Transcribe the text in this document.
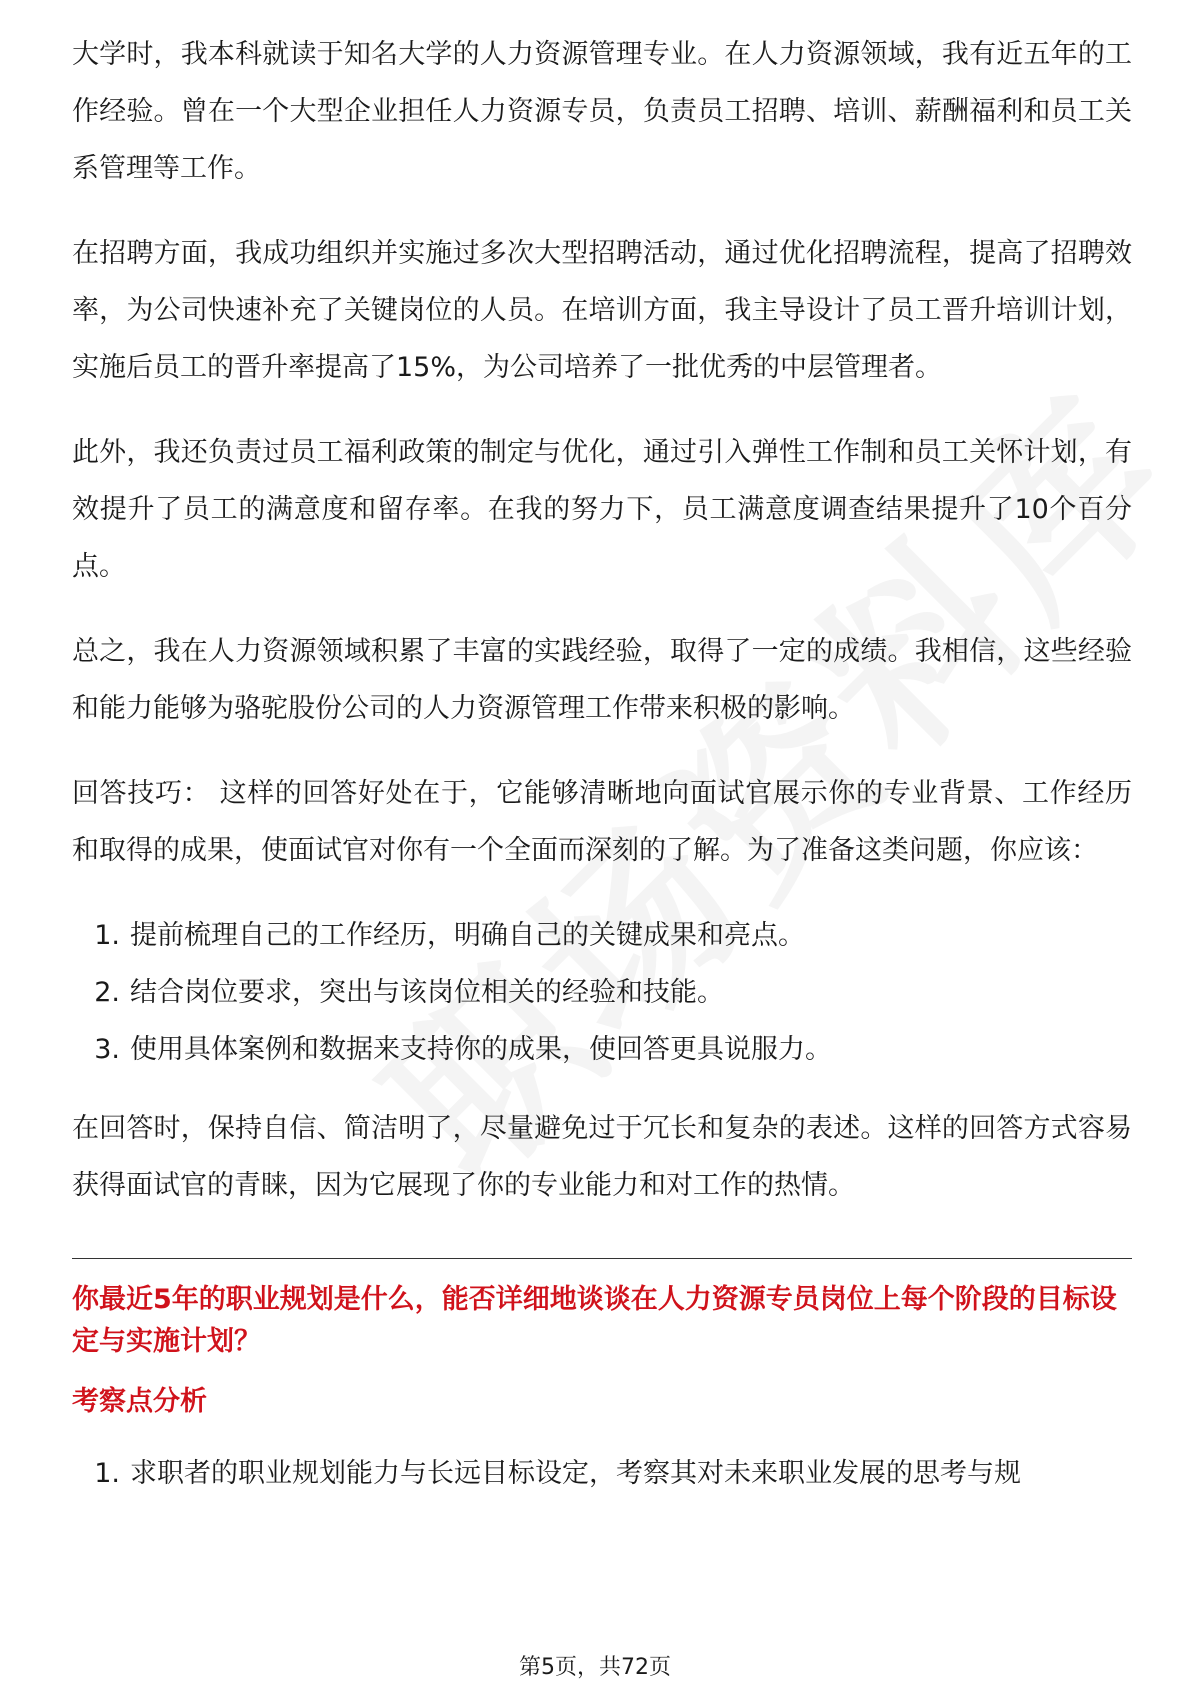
大学时，我本科就读于知名大学的人力资源管理专业。在人力资源领域，我有近五年的工作经验。曾在一个大型企业担任人力资源专员，负责员工招聘、培训、薪酬福利和员工关系管理等工作。

在招聘方面，我成功组织并实施过多次大型招聘活动，通过优化招聘流程，提高了招聘效率，为公司快速补充了关键岗位的人员。在培训方面，我主导设计了员工晋升培训计划，实施后员工的晋升率提高了15%，为公司培养了一批优秀的中层管理者。

此外，我还负责过员工福利政策的制定与优化，通过引入弹性工作制和员工关怀计划，有效提升了员工的满意度和留存率。在我的努力下，员工满意度调查结果提升了10个百分点。

总之，我在人力资源领域积累了丰富的实践经验，取得了一定的成绩。我相信，这些经验和能力能够为骆驼股份公司的人力资源管理工作带来积极的影响。

回答技巧： 这样的回答好处在于，它能够清晰地向面试官展示你的专业背景、工作经历和取得的成果，使面试官对你有一个全面而深刻的了解。为了准备这类问题，你应该：

1. 提前梳理自己的工作经历，明确自己的关键成果和亮点。
2. 结合岗位要求，突出与该岗位相关的经验和技能。
3. 使用具体案例和数据来支持你的成果，使回答更具说服力。

在回答时，保持自信、简洁明了，尽量避免过于冗长和复杂的表述。这样的回答方式容易获得面试官的青睐，因为它展现了你的专业能力和对工作的热情。

你最近5年的职业规划是什么，能否详细地谈谈在人力资源专员岗位上每个阶段的目标设定与实施计划？
考察点分析
1. 求职者的职业规划能力与长远目标设定，考察其对未来职业发展的思考与规
第5页，共72页
